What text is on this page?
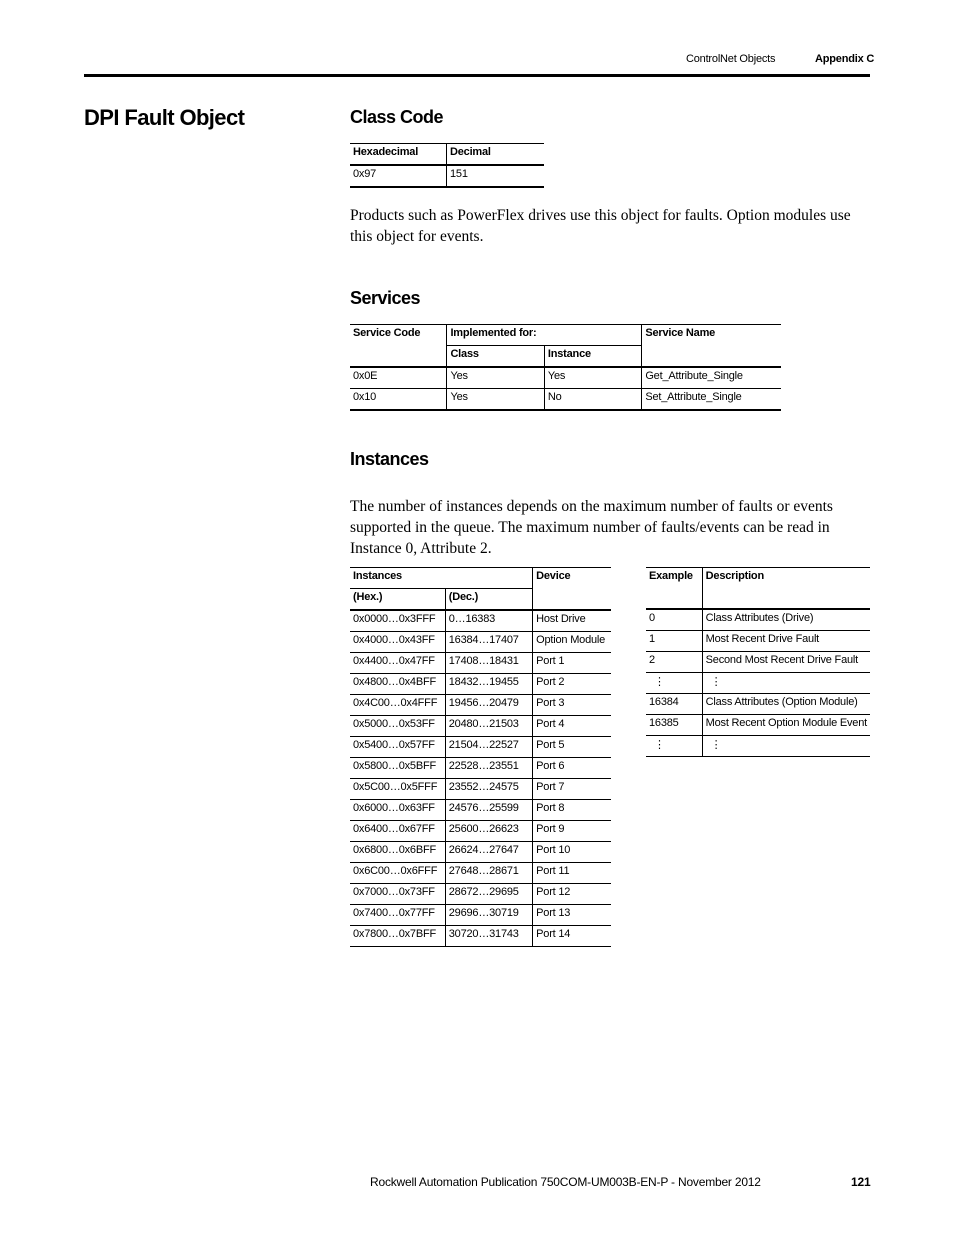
ControlNet Objects	Appendix C
DPI Fault Object	Class Code
Hexadecimal	Decimal
0x97	151
Products such as PowerFlex drives use this object for faults. Option modules use this object for events.
Services
Service Code	Implemented for:		Service Name
	Class	Instance	
0x0E	Yes	Yes	Get_Attribute_Single
0x10	Yes	No	Set_Attribute_Single
Instances
The number of instances depends on the maximum number of faults or events supported in the queue. The maximum number of faults/events can be read in Instance 0, Attribute 2.
Instances		Device
(Hex.)	(Dec.)	
0x0000…0x3FFF	0…16383	Host Drive
0x4000…0x43FF	16384…17407	Option Module
0x4400…0x47FF	17408…18431	Port 1
0x4800…0x4BFF	18432…19455	Port 2
0x4C00…0x4FFF	19456…20479	Port 3
0x5000…0x53FF	20480…21503	Port 4
0x5400…0x57FF	21504…22527	Port 5
0x5800…0x5BFF	22528…23551	Port 6
0x5C00…0x5FFF	23552…24575	Port 7
0x6000…0x63FF	24576…25599	Port 8
0x6400…0x67FF	25600…26623	Port 9
0x6800…0x6BFF	26624…27647	Port 10
0x6C00…0x6FFF	27648…28671	Port 11
0x7000…0x73FF	28672…29695	Port 12
0x7400…0x77FF	29696…30719	Port 13
0x7800…0x7BFF	30720…31743	Port 14
Example	Description
0	Class Attributes (Drive)
1	Most Recent Drive Fault
2	Second Most Recent Drive Fault
⋮	⋮
16384	Class Attributes (Option Module)
16385	Most Recent Option Module Event
⋮	⋮
Rockwell Automation Publication 750COM-UM003B-EN-P - November 2012	121
